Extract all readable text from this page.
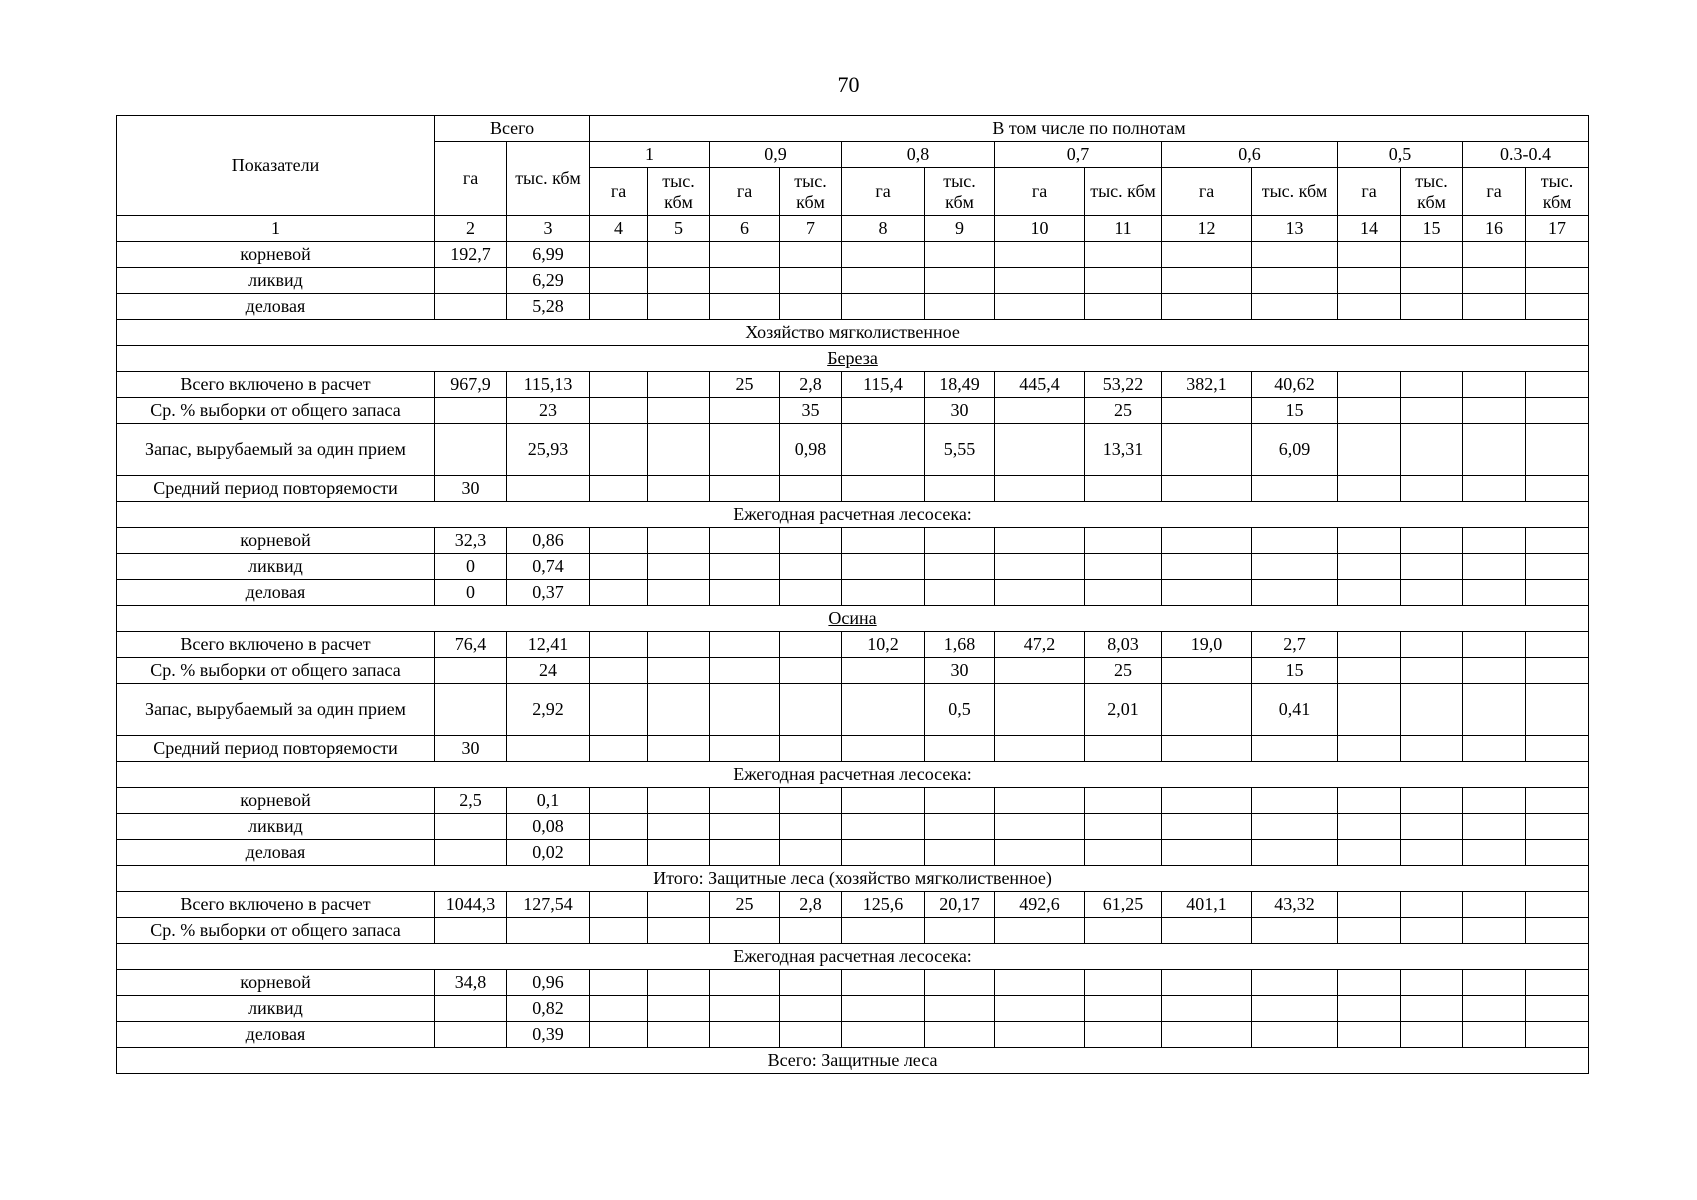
70
Показатели	Всего		В том числе по полнотам													
	га	тыс. кбм	1		0,9		0,8		0,7		0,6		0,5		0.3-0.4	
			га	тыс. кбм	га	тыс. кбм	га	тыс. кбм	га	тыс. кбм	га	тыс. кбм	га	тыс. кбм	га	тыс. кбм
1	2	3	4	5	6	7	8	9	10	11	12	13	14	15	16	17
корневой	192,7	6,99														
ликвид		6,29														
деловая		5,28														
Хозяйство мягколиственное																
Береза																
Всего включено в расчет	967,9	115,13			25	2,8	115,4	18,49	445,4	53,22	382,1	40,62				
Ср. % выборки от общего запаса		23				35		30		25		15				
Запас, вырубаемый за один прием		25,93				0,98		5,55		13,31		6,09				
Средний период повторяемости	30															
Ежегодная расчетная лесосека:																
корневой	32,3	0,86														
ликвид	0	0,74														
деловая	0	0,37														
Осина																
Всего включено в расчет	76,4	12,41					10,2	1,68	47,2	8,03	19,0	2,7				
Ср. % выборки от общего запаса		24						30		25		15				
Запас, вырубаемый за один прием		2,92						0,5		2,01		0,41				
Средний период повторяемости	30															
Ежегодная расчетная лесосека:																
корневой	2,5	0,1														
ликвид		0,08														
деловая		0,02														
Итого: Защитные леса (хозяйство мягколиственное)																
Всего включено в расчет	1044,3	127,54			25	2,8	125,6	20,17	492,6	61,25	401,1	43,32				
Ср. % выборки от общего запаса																
Ежегодная расчетная лесосека:																
корневой	34,8	0,96														
ликвид		0,82														
деловая		0,39														
Всего: Защитные леса																
